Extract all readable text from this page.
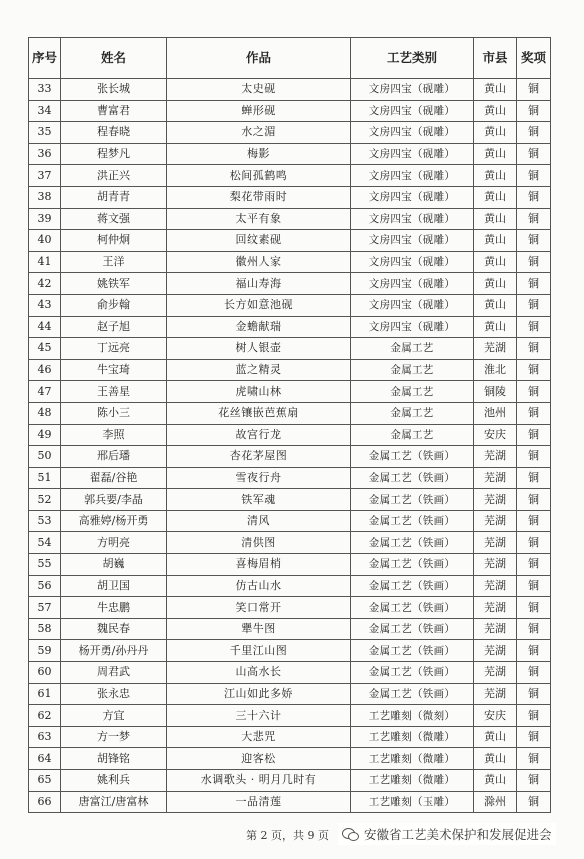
序号	姓名	作品	工艺类别	市县	奖项
33	张长城	太史砚	文房四宝（砚雕）	黄山	铜
34	曹富君	蝉形砚	文房四宝（砚雕）	黄山	铜
35	程春晓	水之湄	文房四宝（砚雕）	黄山	铜
36	程梦凡	梅影	文房四宝（砚雕）	黄山	铜
37	洪正兴	松间孤鹤鸣	文房四宝（砚雕）	黄山	铜
38	胡青青	梨花带雨时	文房四宝（砚雕）	黄山	铜
39	蒋文强	太平有象	文房四宝（砚雕）	黄山	铜
40	柯仲炯	回纹素砚	文房四宝（砚雕）	黄山	铜
41	王洋	徽州人家	文房四宝（砚雕）	黄山	铜
42	姚铁军	福山寿海	文房四宝（砚雕）	黄山	铜
43	俞步翰	长方如意池砚	文房四宝（砚雕）	黄山	铜
44	赵子旭	金蟾献瑞	文房四宝（砚雕）	黄山	铜
45	丁远亮	树人银壶	金属工艺	芜湖	铜
46	牛宝琦	蓝之精灵	金属工艺	淮北	铜
47	王善星	虎啸山林	金属工艺	铜陵	铜
48	陈小三	花丝镶嵌芭蕉扇	金属工艺	池州	铜
49	李照	故宫行龙	金属工艺	安庆	铜
50	邢后璠	杏花茅屋图	金属工艺（铁画）	芜湖	铜
51	翟磊/谷艳	雪夜行舟	金属工艺（铁画）	芜湖	铜
52	郭兵要/李晶	铁军魂	金属工艺（铁画）	芜湖	铜
53	高雅婷/杨开勇	清风	金属工艺（铁画）	芜湖	铜
54	方明亮	清供图	金属工艺（铁画）	芜湖	铜
55	胡巍	喜梅眉梢	金属工艺（铁画）	芜湖	铜
56	胡卫国	仿古山水	金属工艺（铁画）	芜湖	铜
57	牛忠鹏	笑口常开	金属工艺（铁画）	芜湖	铜
58	魏民春	犟牛图	金属工艺（铁画）	芜湖	铜
59	杨开勇/孙丹丹	千里江山图	金属工艺（铁画）	芜湖	铜
60	周君武	山高水长	金属工艺（铁画）	芜湖	铜
61	张永忠	江山如此多娇	金属工艺（铁画）	芜湖	铜
62	方宜	三十六计	工艺雕刻（微刻）	安庆	铜
63	方一梦	大悲咒	工艺雕刻（微雕）	黄山	铜
64	胡锋铭	迎客松	工艺雕刻（微雕）	黄山	铜
65	姚利兵	水调歌头 · 明月几时有	工艺雕刻（微雕）	黄山	铜
66	唐富江/唐富林	一品清莲	工艺雕刻（玉雕）	滁州	铜
第 2 页，共 9 页	安徽省工艺美术保护和发展促进会
